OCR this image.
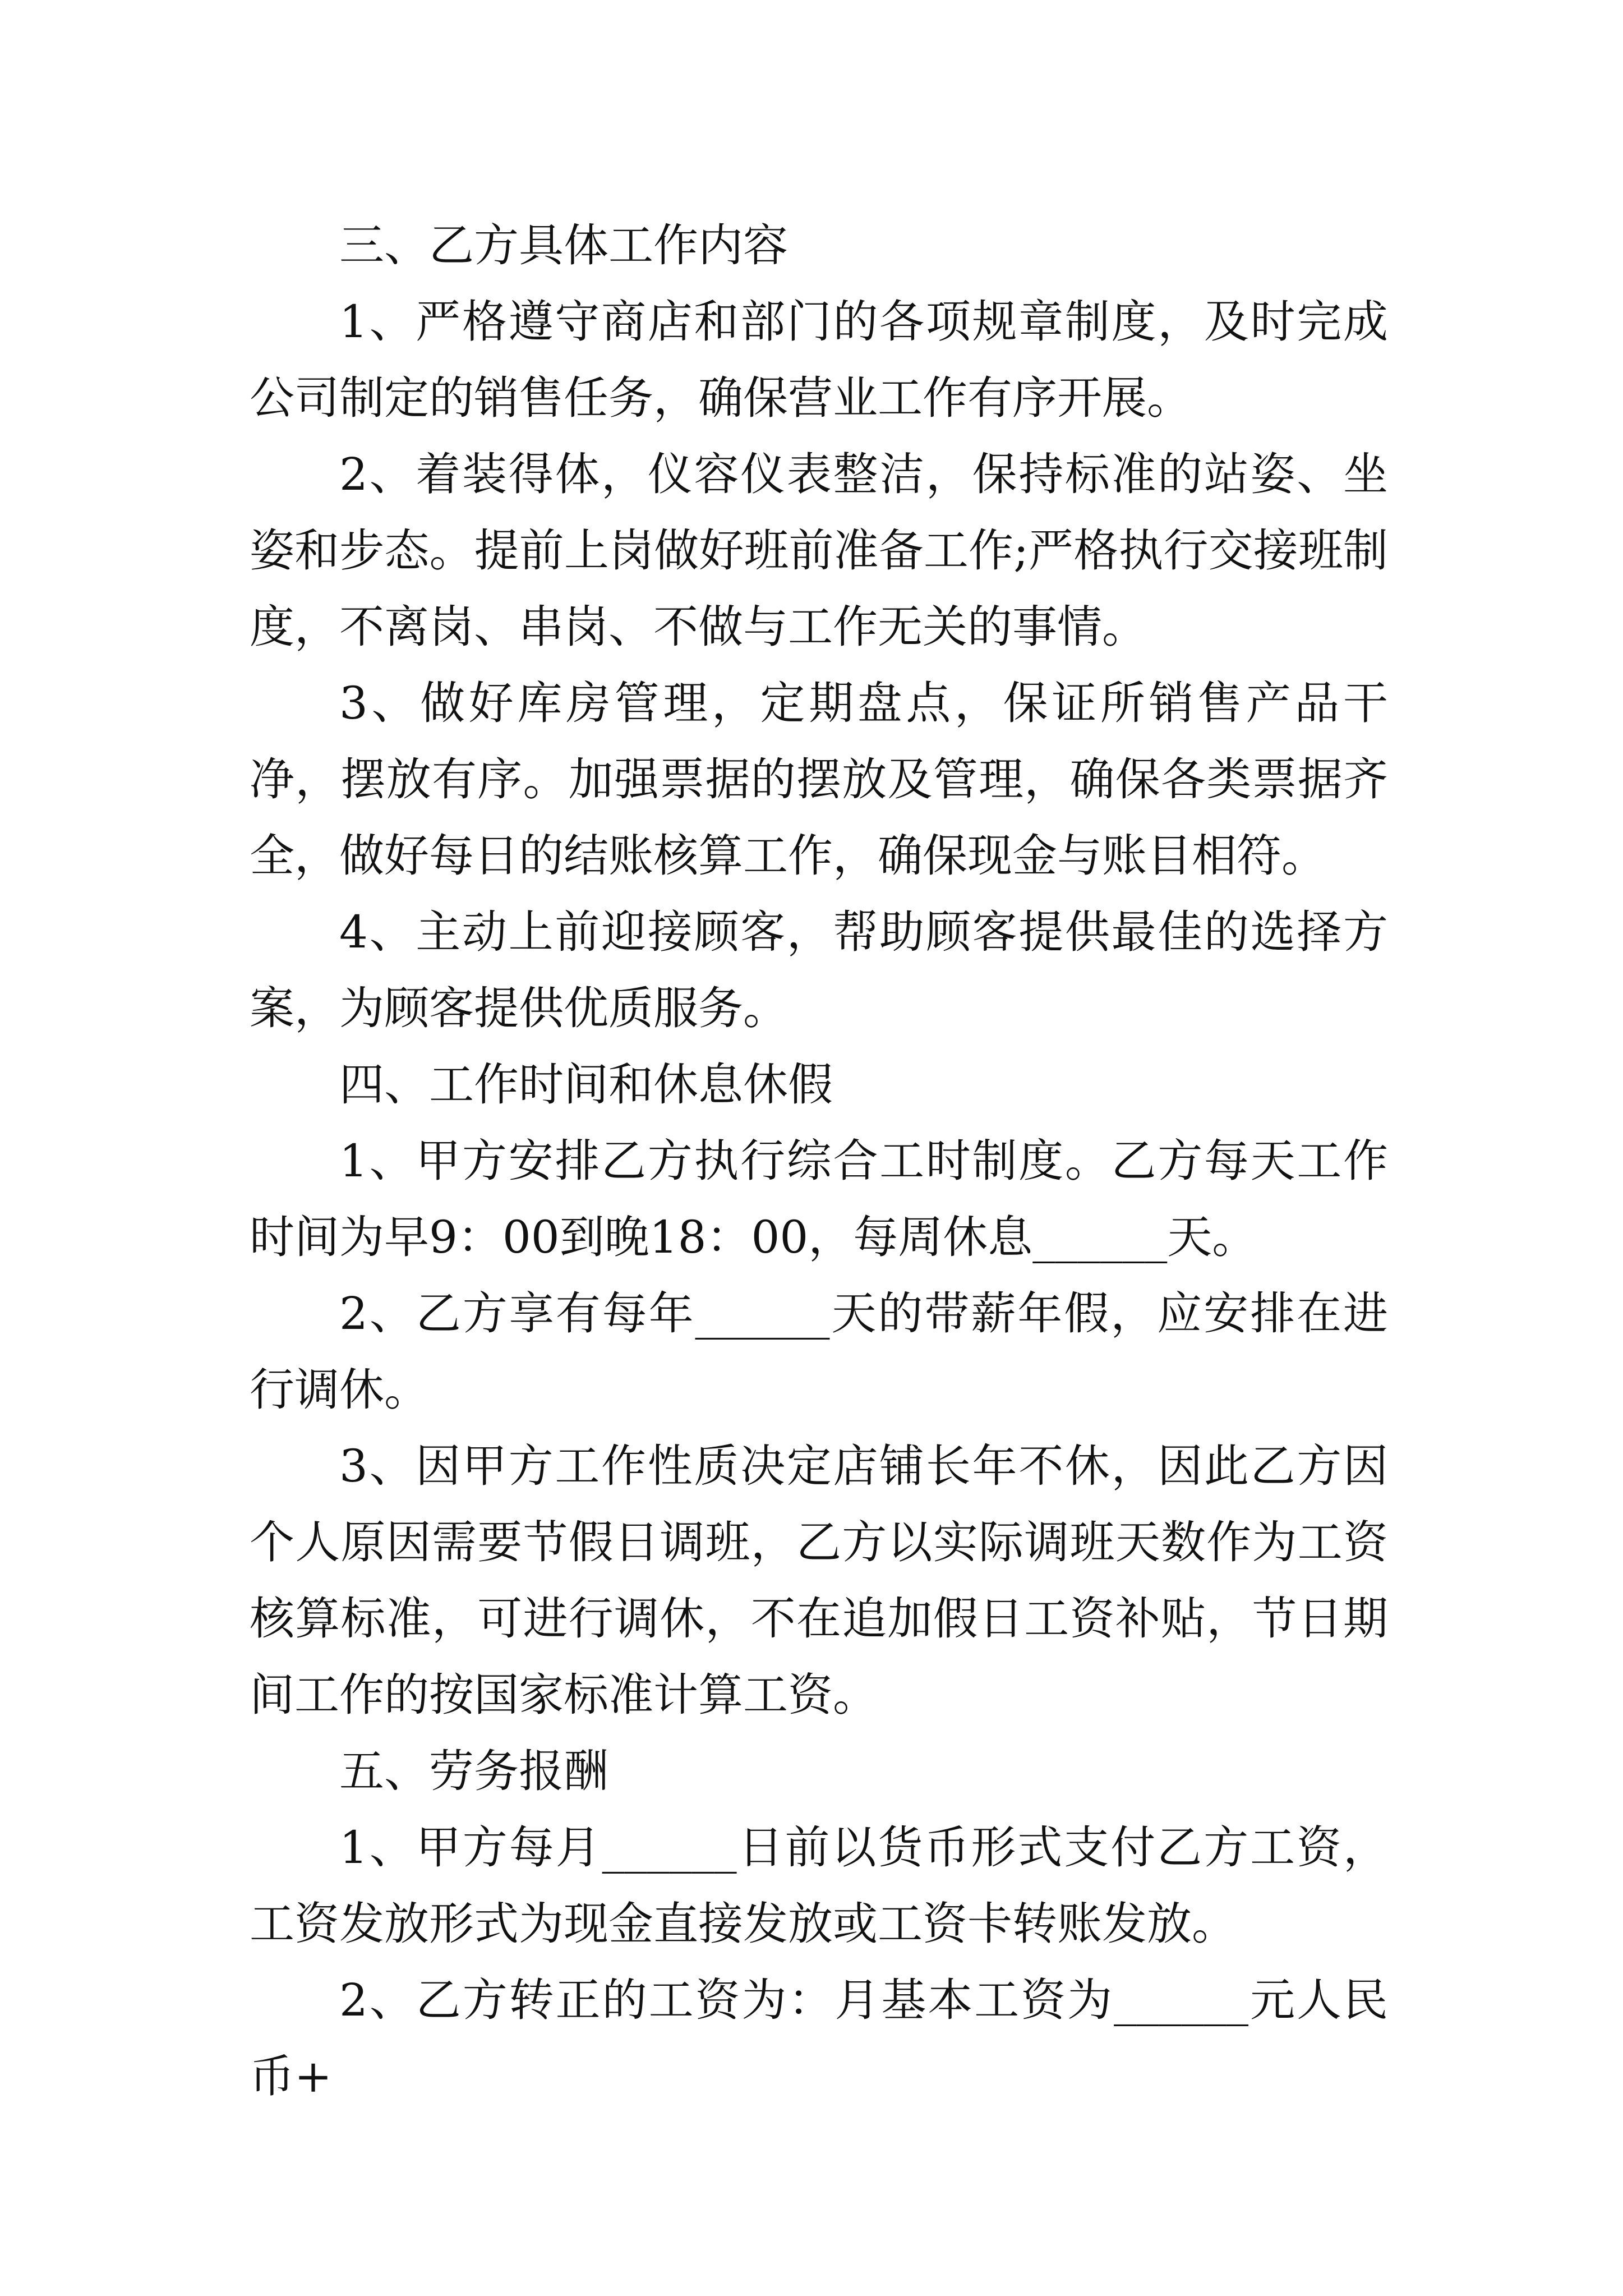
三、乙方具体工作内容

1、严格遵守商店和部门的各项规章制度，及时完成公司制定的销售任务，确保营业工作有序开展。

2、着装得体，仪容仪表整洁，保持标准的站姿、坐姿和步态。提前上岗做好班前准备工作;严格执行交接班制度，不离岗、串岗、不做与工作无关的事情。

3、做好库房管理，定期盘点，保证所销售产品干净，摆放有序。加强票据的摆放及管理，确保各类票据齐全，做好每日的结账核算工作，确保现金与账目相符。

4、主动上前迎接顾客，帮助顾客提供最佳的选择方案，为顾客提供优质服务。

四、工作时间和休息休假

1、甲方安排乙方执行综合工时制度。乙方每天工作时间为早9：00到晚18：00，每周休息______天。

2、乙方享有每年______天的带薪年假，应安排在进行调休。

3、因甲方工作性质决定店铺长年不休，因此乙方因个人原因需要节假日调班，乙方以实际调班天数作为工资核算标准，可进行调休，不在追加假日工资补贴，节日期间工作的按国家标准计算工资。

五、劳务报酬

1、甲方每月______日前以货币形式支付乙方工资，工资发放形式为现金直接发放或工资卡转账发放。

2、乙方转正的工资为：月基本工资为______元人民币+
